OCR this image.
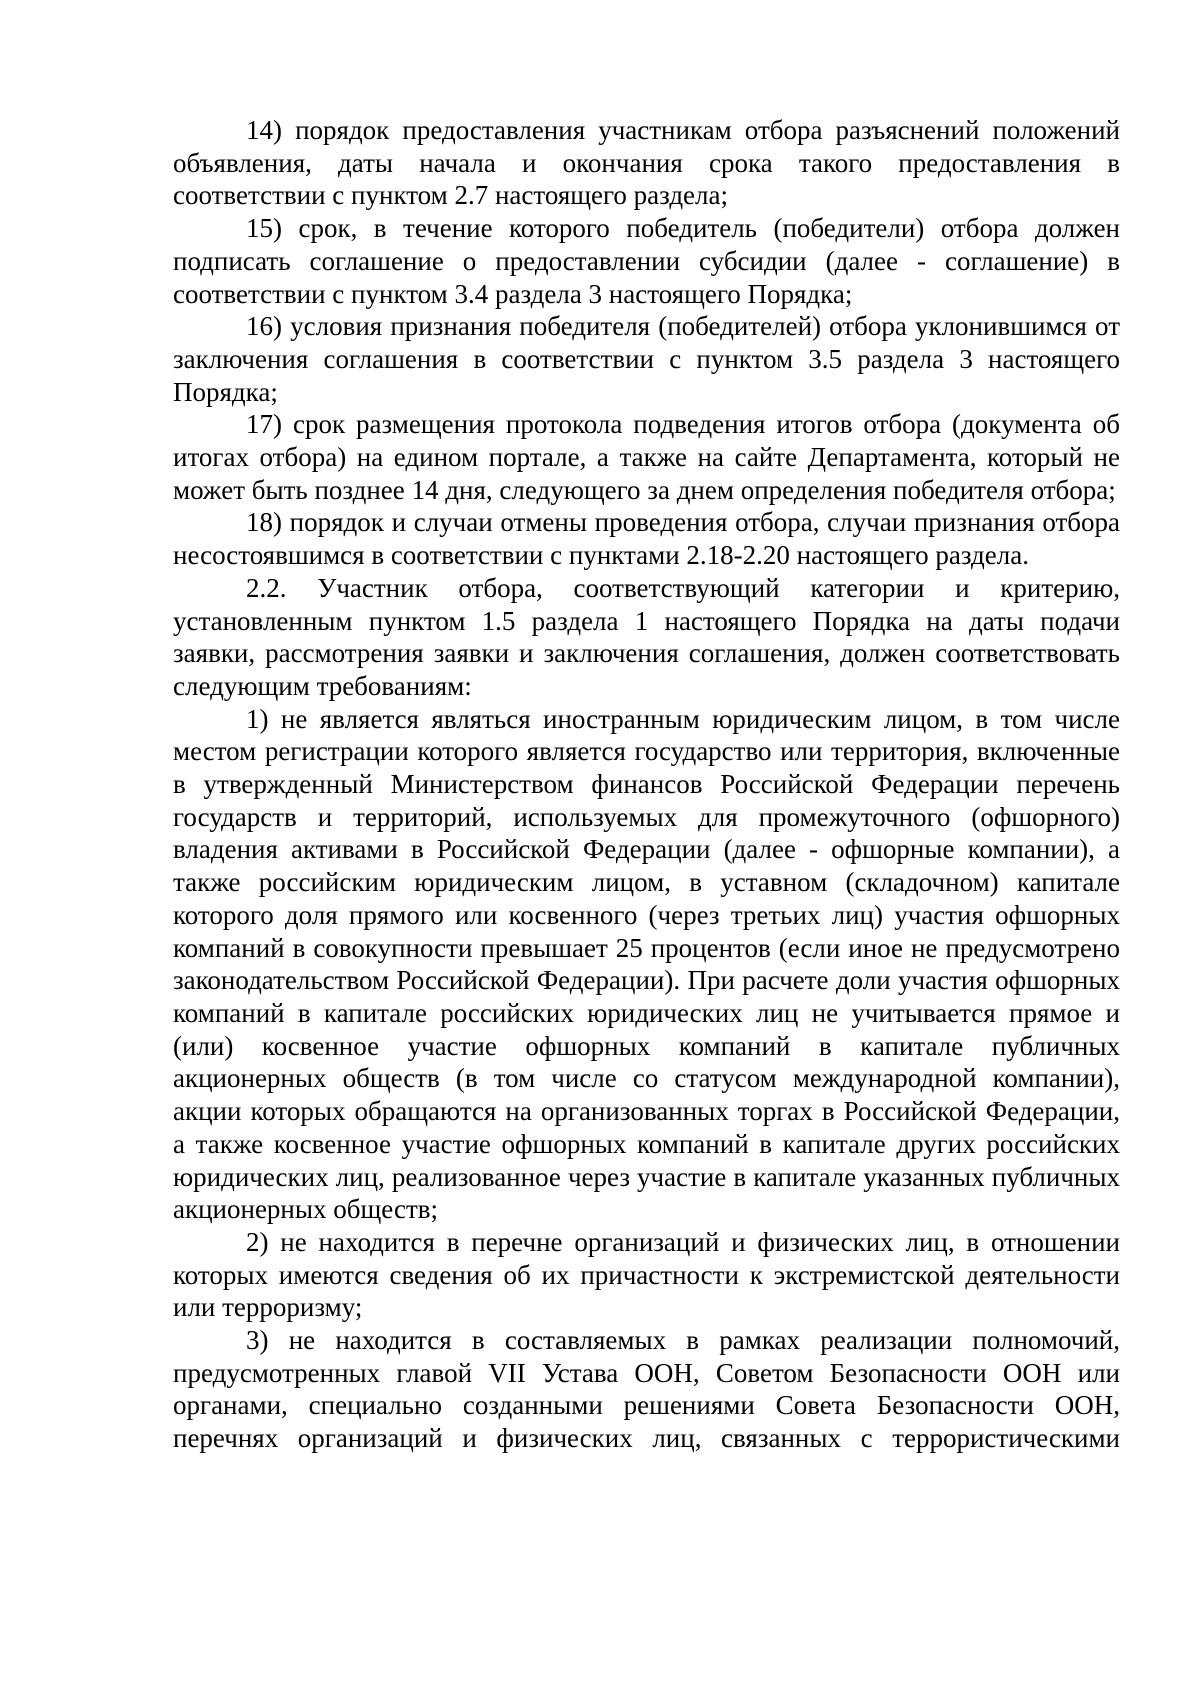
14) порядок предоставления участникам отбора разъяснений положений объявления, даты начала и окончания срока такого предоставления в соответствии с пунктом 2.7 настоящего раздела;

15) срок, в течение которого победитель (победители) отбора должен подписать соглашение о предоставлении субсидии (далее - соглашение) в соответствии с пунктом 3.4 раздела 3 настоящего Порядка;

16) условия признания победителя (победителей) отбора уклонившимся от заключения соглашения в соответствии с пунктом 3.5 раздела 3 настоящего Порядка;

17) срок размещения протокола подведения итогов отбора (документа об итогах отбора) на едином портале, а также на сайте Департамента, который не может быть позднее 14 дня, следующего за днем определения победителя отбора;

18) порядок и случаи отмены проведения отбора, случаи признания отбора несостоявшимся в соответствии с пунктами 2.18-2.20 настоящего раздела.

2.2. Участник отбора, соответствующий категории и критерию, установленным пунктом 1.5 раздела 1 настоящего Порядка на даты подачи заявки, рассмотрения заявки и заключения соглашения, должен соответствовать следующим требованиям:

1) не является являться иностранным юридическим лицом, в том числе местом регистрации которого является государство или территория, включенные в утвержденный Министерством финансов Российской Федерации перечень государств и территорий, используемых для промежуточного (офшорного) владения активами в Российской Федерации (далее - офшорные компании), а также российским юридическим лицом, в уставном (складочном) капитале которого доля прямого или косвенного (через третьих лиц) участия офшорных компаний в совокупности превышает 25 процентов (если иное не предусмотрено законодательством Российской Федерации). При расчете доли участия офшорных компаний в капитале российских юридических лиц не учитывается прямое и (или) косвенное участие офшорных компаний в капитале публичных акционерных обществ (в том числе со статусом международной компании), акции которых обращаются на организованных торгах в Российской Федерации, а также косвенное участие офшорных компаний в капитале других российских юридических лиц, реализованное через участие в капитале указанных публичных акционерных обществ;

2) не находится в перечне организаций и физических лиц, в отношении которых имеются сведения об их причастности к экстремистской деятельности или терроризму;

3) не находится в составляемых в рамках реализации полномочий, предусмотренных главой VII Устава ООН, Советом Безопасности ООН или органами, специально созданными решениями Совета Безопасности ООН, перечнях организаций и физических лиц, связанных с террористическими
